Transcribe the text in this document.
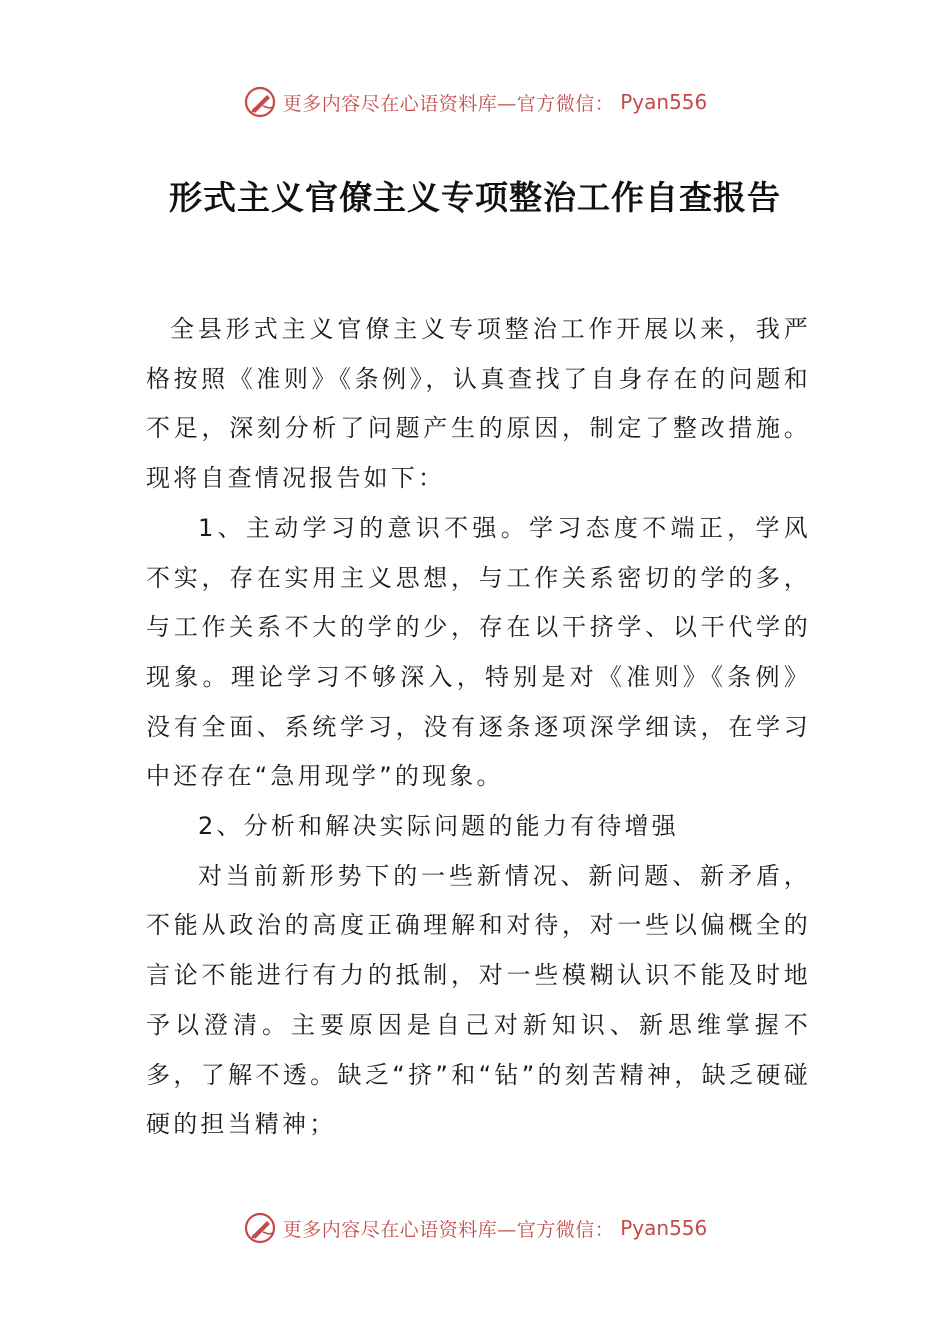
更多内容尽在心语资料库—官方微信： Pyan556
形式主义官僚主义专项整治工作自查报告

全县形式主义官僚主义专项整治工作开展以来，我严格按照《准则》《条例》，认真查找了自身存在的问题和不足，深刻分析了问题产生的原因，制定了整改措施。现将自查情况报告如下：

1、主动学习的意识不强。学习态度不端正，学风不实，存在实用主义思想，与工作关系密切的学的多，与工作关系不大的学的少，存在以干挤学、以干代学的现象。理论学习不够深入，特别是对《准则》《条例》没有全面、系统学习，没有逐条逐项深学细读，在学习中还存在“急用现学”的现象。

2、分析和解决实际问题的能力有待增强

对当前新形势下的一些新情况、新问题、新矛盾，不能从政治的高度正确理解和对待，对一些以偏概全的言论不能进行有力的抵制，对一些模糊认识不能及时地予以澄清。主要原因是自己对新知识、新思维掌握不多，了解不透。缺乏“挤”和“钻”的刻苦精神，缺乏硬碰硬的担当精神；

更多内容尽在心语资料库—官方微信： Pyan556
